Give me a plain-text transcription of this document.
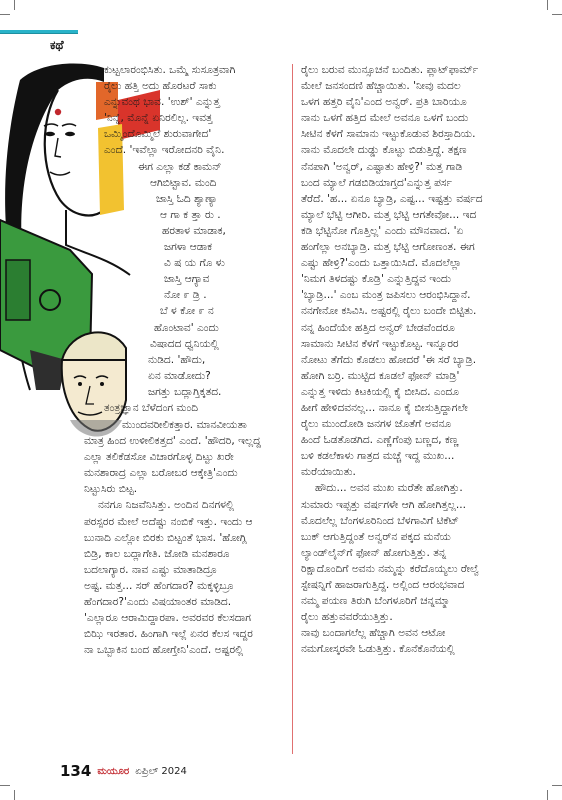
ಕಥೆ

ಕುಟ್ಟಲಾರಂಭಿಸಿತು. ಒಮ್ಮೆ ಸುಸೂತ್ರವಾಗಿ

ರೈಲು ಹತ್ತಿ ಅದು ಹೊರಟರೆ ಸಾಕು

ಎನ್ನುವಂಥ ಭಾವ. 'ಉಶ್' ಎನ್ನುತ್ತ

'ನಿನ್ನೆ, ಮೊನ್ನೆ ಏನಿರಲಿಲ್ಲ. ಇವತ್ತ

ಒಮ್ಮಿಂದೊಮ್ಮಿಲೆ ಶುರುವಾಗೇದ'

ಎಂದೆ. 'ಇವೆಲ್ಲಾ ಇರೋದನರಿ ವೈನಿ.

ಈಗ ಎಲ್ಲಾ ಕಡೆ ಕಾಮನ್

ಆಗಿಬಿಟ್ಟಾವ. ಮಂದಿ

ಜಾಸ್ತಿ ಓದಿ ಶ್ಯಾಣ್ಯಾ

ಆ ಗಾ ಕ ತ್ತಾ ರು .

ಹರತಾಳ ಮಾಡಾಕ,

ಜಗಳಾ ಆಡಾಕ

ವಿ ಷ ಯ ಗೊ ಳು

ಜಾಸ್ತಿ ಆಗ್ಯಾವ

ನೋ ೯ ಡ್ರಿ .

ಬೆ ಳ ಕೋ ೯ ನ

ಹೊಂಟಾವ' ಎಂದು

ವಿಷಾದದ ಧ್ವನಿಯಲ್ಲಿ

ನುಡಿದ. 'ಹೌದು,

ಏನ ಮಾಡೋದು?

ಜಗತ್ತು ಬದ್ಲಾಗ್ತಿಕ್ಕತದ.

ತಂತ್ರಜ್ಞಾನ ಬೆಳೆದಂಗ ಮಂದಿ

ಮುಂದವರೀಲಿಕತ್ತಾರ. ಮಾನವೀಯತಾ

ಮಾತ್ರ ಹಿಂದ ಉಳೀಲಿಕತ್ತದ' ಎಂದೆ. 'ಹೌದರಿ, ಇಲ್ಲದ್ದ

ಎಲ್ಲಾ ತಲಿಕೆಡಸೋ ವಿಚಾರಗೊಳ್ಳ ದಿಟ್ಟು ಖರೇ

ಮನಶಾರಾದ್ರ ಎಲ್ಲಾ ಬರೋಬರ ಆಕ್ಕೇತ್ರಿ'ಎಂದು

ನಿಟ್ಟುಸಿರು ಬಿಟ್ಟ.

ನನಗೂ ನಿಜವೆನಿಸಿತ್ತು. ಅಂದಿನ ದಿನಗಳಲ್ಲಿ

ಪರಸ್ಪರರ ಮೇಲೆ ಅದೆಷ್ಟು ನಂಬಿಕೆ ಇತ್ತು. ಇಂದು ಆ

ಬುನಾದಿ ಎಲ್ಲೋ ಬಿರಕು ಬಿಟ್ಟಂತೆ ಭಾಸ. 'ಹೋಗ್ಲಿ

ಬಿಡ್ರಿ, ಕಾಲ ಬದ್ಲಾಗೇತಿ. ಜೋಡಿ ಮನಶಾರೂ

ಬದಲಾಗ್ಯಾರ. ನಾವ ಎಷ್ಟು ಮಾತಾಡಿದ್ರೂ

ಅಷ್ಟ. ಮತ್ತ... ಸರ್ ಹೆಂಗದಾರ? ಮಕ್ಕಳ್ಳಿಬ್ರೂ

ಹೆಂಗದಾರ?'ಎಂದು ವಿಷಯಾಂತರ ಮಾಡಿದ.

'ಎಲ್ಲಾರೂ ಆರಾಮಿದ್ದಾರಪಾ. ಅವರವರ ಕೆಲಸದಾಗ

ಬಿಝಿ ಇರತಾರ. ಹಿಂಗಾಗಿ ಇಲ್ಲೆ ಏನರ ಕೆಲಸ ಇದ್ದರ

ನಾ ಒಬ್ಬಾಕಿನ ಬಂದ ಹೋಗ್ತೇನಿ'ಎಂದೆ. ಅಷ್ಟರಲ್ಲಿ

ರೈಲು ಬರುವ ಮುನ್ಸೂಚನೆ ಬಂದಿತು. ಪ್ಲಾಟ್‌ಫಾರ್ಮ್

ಮೇಲೆ ಜನಸಂದಣಿ ಹೆಚ್ಚಾಯಿತು. 'ನೀವು ಮದಲ

ಒಳಗ ಹತ್ತರಿ ವೈನಿ'ಎಂದ ಅನ್ವರ್. ಪ್ರತಿ ಬಾರಿಯೂ

ನಾನು ಒಳಗೆ ಹತ್ತಿದ ಮೇಲೆ ಅವನೂ ಒಳಗೆ ಬಂದು

ಸೀಟಿನ ಕೆಳಗೆ ಸಾಮಾನು ಇಟ್ಟುಕೊಡುವ ಶಿರಸ್ತಾದಿಯ.

ನಾನು ಮೊದಲೇ ದುಡ್ಡು ಕೊಟ್ಟು ಬಿಡುತ್ತಿದ್ದೆ. ತಕ್ಷಣ

ನೆನಪಾಗಿ 'ಅನ್ವರ್, ಎಷ್ಟಾತು ಹೇಳ್ರಿ?' ಮತ್ತ ಗಾಡಿ

ಬಂದ ಮ್ಯಾಲೆ ಗಡಬಿಡಿಯಾಗ್ತದ'ಎನ್ನುತ್ತ ಪರ್ಸ

ತೆರೆದೆ. 'ಹ... ಏನೂ ಬ್ಯಾಡ್ರಿ, ಎಷ್ಟ... ಇಷ್ಟತ್ತು ವರ್ಷದ

ಮ್ಯಾಲೆ ಭೆಟ್ಟಿ ಆಗೀರಿ. ಮತ್ತ ಭೆಟ್ಟಿ ಆಗತೇವೋ... ಇದ

ಕಡಿ ಭೆಟ್ಟಿನೋ ಗೊತ್ತಿಲ್ಲ' ಎಂದು ಮೌನವಾದ. 'ಏ

ಹಂಗೆಲ್ಲಾ ಅನಬ್ಯಾಡ್ರಿ. ಮತ್ತ ಭೆಟ್ಟಿ ಆಗೋಣಂತ. ಈಗ

ಎಷ್ಟು ಹೇಳ್ರಿ?'ಎಂದು ಒತ್ತಾಯಿಸಿದೆ. ಮೊದಲೆಲ್ಲಾ

'ನಿಮಗ ತಿಳದಷ್ಟು ಕೊಡ್ರಿ' ಎನ್ನುತ್ತಿದ್ದವ ಇಂದು

'ಬ್ಯಾಡ್ರಿ...' ಎಂಬ ಮಂತ್ರ ಜಪಿಸಲು ಆರಂಭಿಸಿದ್ದಾನೆ.

ನನಗೇನೋ ಕಸಿವಿಸಿ. ಅಷ್ಟರಲ್ಲಿ ರೈಲು ಬಂದೇ ಬಿಟ್ಟಿತು.

ನನ್ನ ಹಿಂದೆಯೇ ಹತ್ತಿದ ಅನ್ವರ್ ಬೇಡವೆಂದರೂ

ಸಾಮಾನು ಸೀಟಿನ ಕೆಳಗೆ ಇಟ್ಟುಕೊಟ್ಟ. ಇನ್ನೂರರ

ನೋಟು ತೆಗೆದು ಕೊಡಲು ಹೋದರೆ 'ಈ ಸರೆ ಬ್ಯಾಡ್ರಿ.

ಹೋಗಿ ಬರ್ರಿ. ಮುಟ್ಟಿದ ಕೂಡಲೆ ಫೋನ್ ಮಾಡ್ರಿ'

ಎನ್ನುತ್ತ ಇಳಿದು ಕಿಟಕಿಯಲ್ಲಿ ಕೈ ಬೀಸಿದ. ಎಂದೂ

ಹೀಗೆ ಹೇಳಿದವನಲ್ಲ... ನಾನೂ ಕೈ ಬೀಸುತ್ತಿದ್ದಾಗಲೇ

ರೈಲು ಮುಂದೋಡಿ ಜನಗಳ ಜೊತೆಗೆ ಅವನೂ

ಹಿಂದೆ ಓಡತೊಡಗಿದ. ಎಣ್ಣೆಗೆಂಪು ಬಣ್ಣದ, ಕಣ್ಣ

ಬಳಿ ಕಡಲೆಕಾಳು ಗಾತ್ರದ ಮಚ್ಚೆ ಇದ್ದ ಮುಖ...

ಮರೆಯಾಯಿತು.

ಹೌದು... ಅವನ ಮುಖ ಮರೆತೇ ಹೋಗಿತ್ತು.

ಸುಮಾರು ಇಪ್ಪತ್ತು ವರ್ಷಗಳೇ ಆಗಿ ಹೋಗಿತ್ತಲ್ಲ...

ಮೊದಲೆಲ್ಲ ಬೆಂಗಳೂರಿನಿಂದ ಬೆಳಗಾವಿಗೆ ಟಿಕೆಟ್

ಬುಕ್ ಆಗುತ್ತಿದ್ದಂತೆ ಅನ್ವರ್‌ನ ಪಕ್ಕದ ಮನೆಯ

ಲ್ಯಾಂಡ್‌ಲೈನ್‌ಗೆ ಫೋನ್ ಹೋಗುತ್ತಿತ್ತು. ತನ್ನ

ರಿಕ್ಷಾದೊಂದಿಗೆ ಅವನು ನಮ್ಮನ್ನು ಕರೆದೊಯ್ಯಲು ರೇಲ್ವೆ

ಸ್ಟೇಷನ್ನಿಗೆ ಹಾಜರಾಗುತ್ತಿದ್ದ. ಅಲ್ಲಿಂದ ಆರಂಭವಾದ

ನಮ್ಮ ಪಯಣ ತಿರುಗಿ ಬೆಂಗಳೂರಿಗೆ ಚನ್ನಮ್ಮಾ

ರೈಲು ಹತ್ತುವವರೆಯುತ್ತಿತ್ತು.

ನಾವು ಬಂದಾಗಲೆಲ್ಲ ಹೆಚ್ಚಾಗಿ ಅವನ ಆಟೋ

ನಮಗೋಸ್ಕರವೇ ಓಡುತ್ತಿತ್ತು. ಕೊನೆಕೊನೆಯಲ್ಲಿ

134 ಮಯೂರ ಏಪ್ರಿಲ್ 2024
